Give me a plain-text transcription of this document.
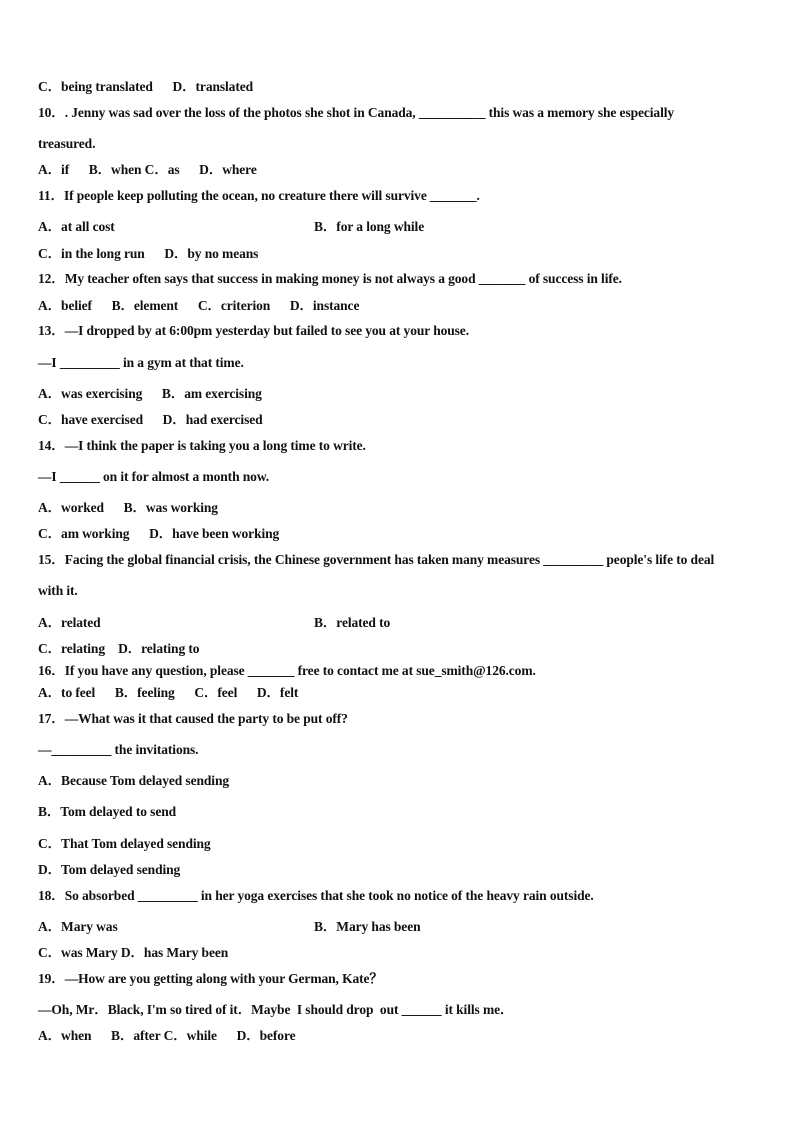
C．being translated      D．translated
10．. Jenny was sad over the loss of the photos she shot in Canada, __________ this was a memory she especially
treasured.
A．if      B．when C．as      D．where
11．If people keep polluting the ocean, no creature there will survive _______.
A．at all cost	B．for a long while
C．in the long run      D．by no means
12．My teacher often says that success in making money is not always a good _______ of success in life.
A．belief      B．element      C．criterion      D．instance
13．—I dropped by at 6:00pm yesterday but failed to see you at your house.
—I _________ in a gym at that time.
A．was exercising      B．am exercising
C．have exercised      D．had exercised
14．—I think the paper is taking you a long time to write.
—I ______ on it for almost a month now.
A．worked      B．was working
C．am working      D．have been working
15．Facing the global financial crisis, the Chinese government has taken many measures _________ people's life to deal
with it.
A．related	B．related to
C．relating    D．relating to
16．If you have any question, please _______ free to contact me at sue_smith@126.com.
A．to feel      B．feeling      C．feel      D．felt
17．—What was it that caused the party to be put off?
—_________ the invitations.
A．Because Tom delayed sending
B．Tom delayed to send
C．That Tom delayed sending
D．Tom delayed sending
18．So absorbed _________ in her yoga exercises that she took no notice of the heavy rain outside.
A．Mary was	B．Mary has been
C．was Mary D．has Mary been
19．—How are you getting along with your German, Kate？
—Oh, Mr．Black, I'm so tired of it．Maybe  I should drop  out ______ it kills me．
A．when      B．after C．while      D．before
